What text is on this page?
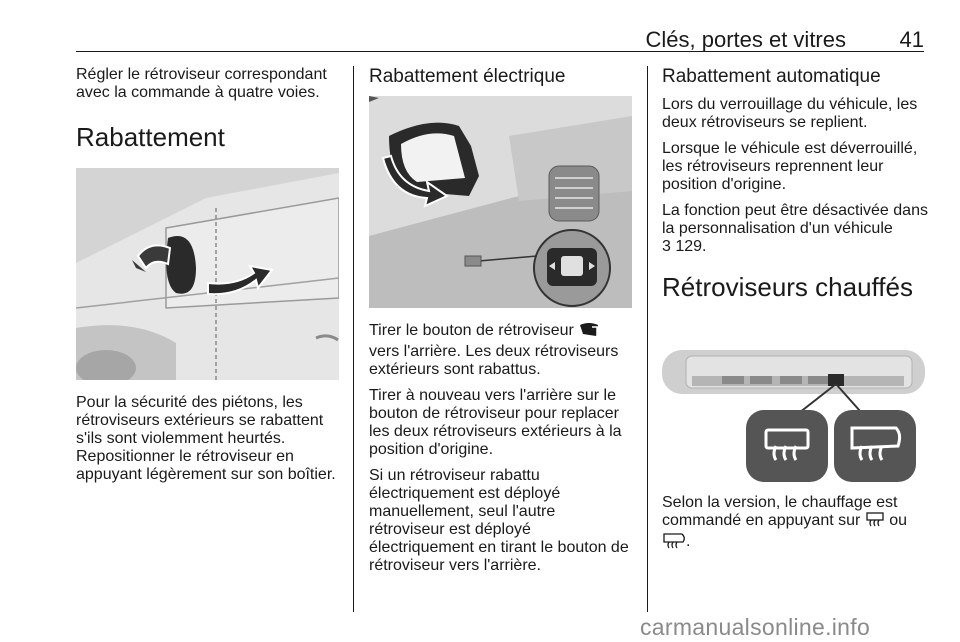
Clés, portes et vitres 41

Régler le rétroviseur correspondant avec la commande à quatre voies.

Rabattement

Pour la sécurité des piétons, les rétroviseurs extérieurs se rabattent s'ils sont violemment heurtés. Repositionner le rétroviseur en appuyant légèrement sur son boîtier.

Rabattement électrique

Tirer le bouton de rétroviseur  vers l'arrière. Les deux rétroviseurs extérieurs sont rabattus.

Tirer à nouveau vers l'arrière sur le bouton de rétroviseur pour replacer les deux rétroviseurs extérieurs à la position d'origine.

Si un rétroviseur rabattu électriquement est déployé manuellement, seul l'autre rétroviseur est déployé électriquement en tirant le bouton de rétroviseur vers l'arrière.

Rabattement automatique

Lors du verrouillage du véhicule, les deux rétroviseurs se replient.

Lorsque le véhicule est déverrouillé, les rétroviseurs reprennent leur position d'origine.

La fonction peut être désactivée dans la personnalisation d'un véhicule
3 129.

Rétroviseurs chauffés

Selon la version, le chauffage est commandé en appuyant sur ou
.

carmanualsonline.info
